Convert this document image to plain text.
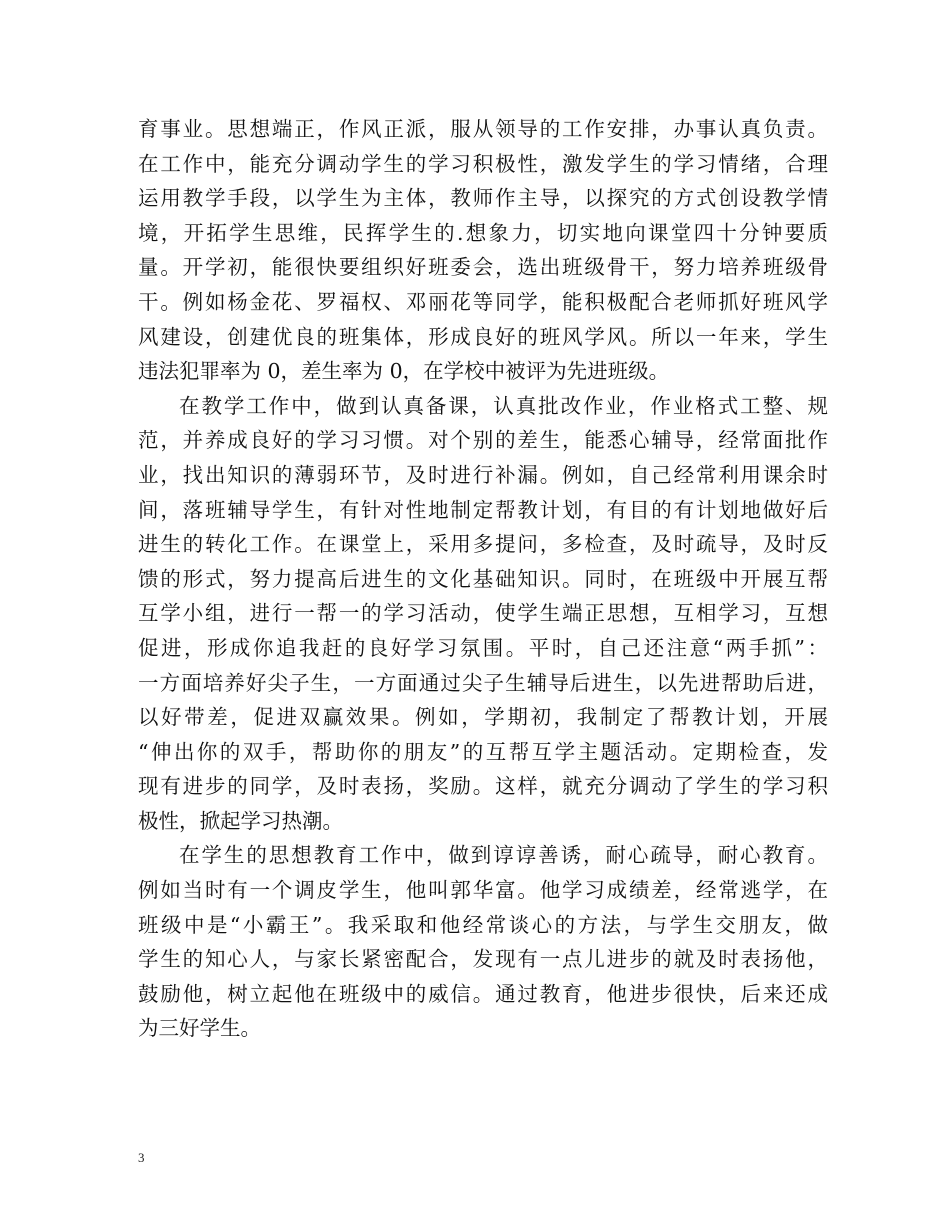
育事业。思想端正，作风正派，服从领导的工作安排，办事认真负责。
在工作中，能充分调动学生的学习积极性，激发学生的学习情绪，合理
运用教学手段，以学生为主体，教师作主导，以探究的方式创设教学情
境，开拓学生思维，民挥学生的.想象力，切实地向课堂四十分钟要质
量。开学初，能很快要组织好班委会，选出班级骨干，努力培养班级骨
干。例如杨金花、罗福权、邓丽花等同学，能积极配合老师抓好班风学
风建设，创建优良的班集体，形成良好的班风学风。所以一年来，学生
违法犯罪率为 0，差生率为 0，在学校中被评为先进班级。
在教学工作中，做到认真备课，认真批改作业，作业格式工整、规
范，并养成良好的学习习惯。对个别的差生，能悉心辅导，经常面批作
业，找出知识的薄弱环节，及时进行补漏。例如，自己经常利用课余时
间，落班辅导学生，有针对性地制定帮教计划，有目的有计划地做好后
进生的转化工作。在课堂上，采用多提问，多检查，及时疏导，及时反
馈的形式，努力提高后进生的文化基础知识。同时，在班级中开展互帮
互学小组，进行一帮一的学习活动，使学生端正思想，互相学习，互想
促进，形成你追我赶的良好学习氛围。平时，自己还注意“两手抓”：
一方面培养好尖子生，一方面通过尖子生辅导后进生，以先进帮助后进，
以好带差，促进双赢效果。例如，学期初，我制定了帮教计划，开展
“伸出你的双手，帮助你的朋友”的互帮互学主题活动。定期检查，发
现有进步的同学，及时表扬，奖励。这样，就充分调动了学生的学习积
极性，掀起学习热潮。
在学生的思想教育工作中，做到谆谆善诱，耐心疏导，耐心教育。
例如当时有一个调皮学生，他叫郭华富。他学习成绩差，经常逃学，在
班级中是“小霸王”。我采取和他经常谈心的方法，与学生交朋友，做
学生的知心人，与家长紧密配合，发现有一点儿进步的就及时表扬他，
鼓励他，树立起他在班级中的威信。通过教育，他进步很快，后来还成
为三好学生。
3
